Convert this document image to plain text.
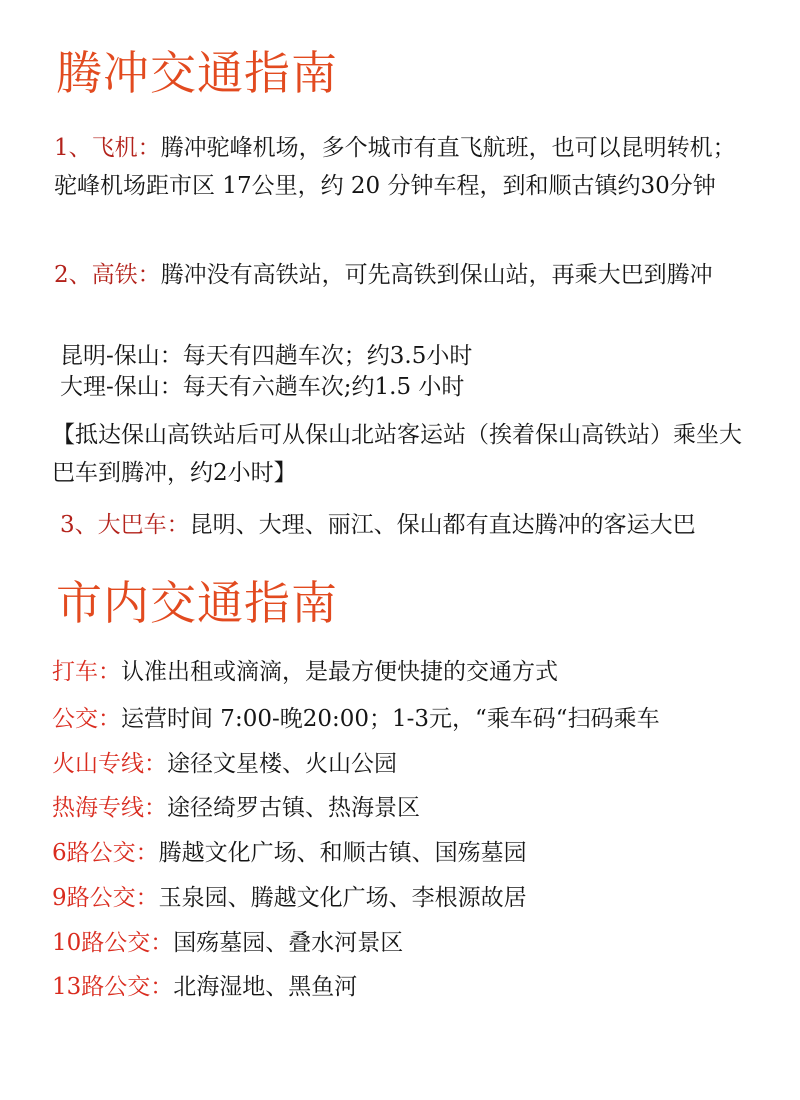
腾冲交通指南

1、飞机：腾冲驼峰机场，多个城市有直飞航班，也可以昆明转机； 驼峰机场距市区 17公里，约 20 分钟车程，到和顺古镇约30分钟

2、高铁：腾冲没有高铁站，可先高铁到保山站，再乘大巴到腾冲

昆明-保山：每天有四趟车次；约3.5小时

大理-保山：每天有六趟车次;约1.5 小时

【抵达保山高铁站后可从保山北站客运站（挨着保山高铁站）乘坐大巴车到腾冲，约2小时】

3、大巴车：昆明、大理、丽江、保山都有直达腾冲的客运大巴

市内交通指南

打车：认准出租或滴滴，是最方便快捷的交通方式

公交：运营时间 7:00-晚20:00；1-3元，“乘车码“扫码乘车

火山专线：途径文星楼、火山公园

热海专线：途径绮罗古镇、热海景区

6路公交：腾越文化广场、和顺古镇、国殇墓园

9路公交：玉泉园、腾越文化广场、李根源故居

10路公交：国殇墓园、叠水河景区

13路公交：北海湿地、黑鱼河
